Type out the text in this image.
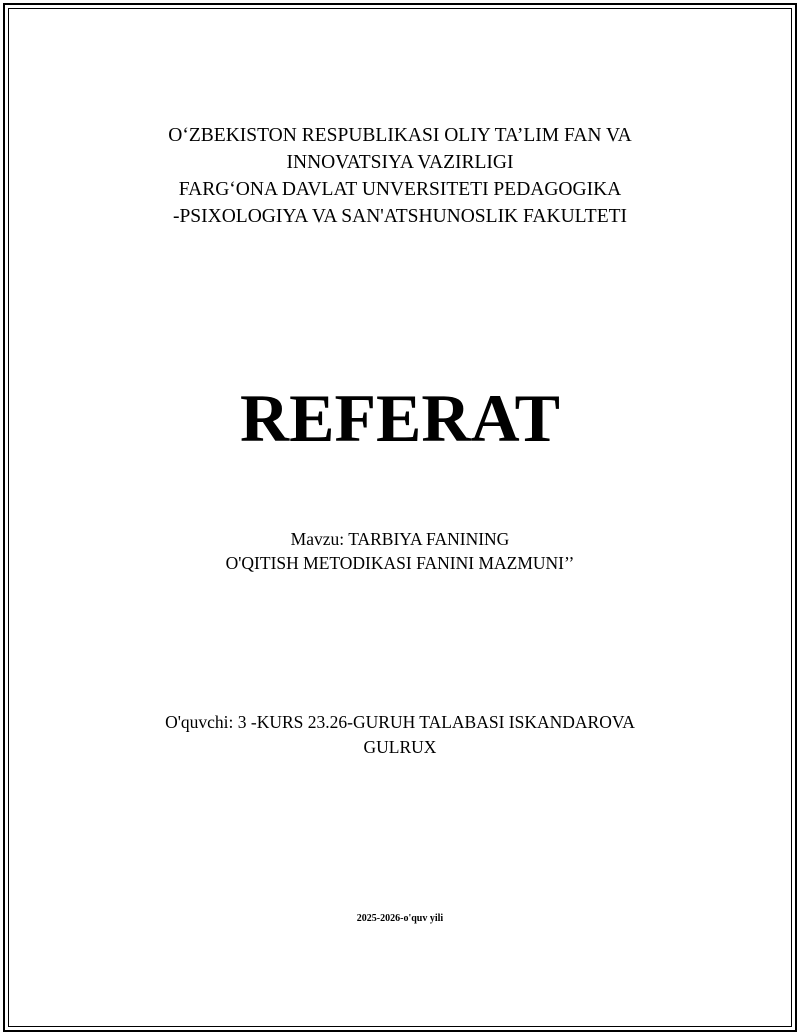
O‘ZBEKISTON RESPUBLIKASI OLIY TA’LIM FAN VA
INNOVATSIYA VAZIRLIGI
FARG‘ONA DAVLAT UNVERSITETI PEDAGOGIKA
-PSIXOLOGIYA VA SAN'ATSHUNOSLIK FAKULTETI
REFERAT
Mavzu: TARBIYA FANINING
O'QITISH METODIKASI FANINI MAZMUNI’’
O'quvchi: 3 -KURS 23.26-GURUH TALABASI ISKANDAROVA
GULRUX
2025-2026-o'quv yili
